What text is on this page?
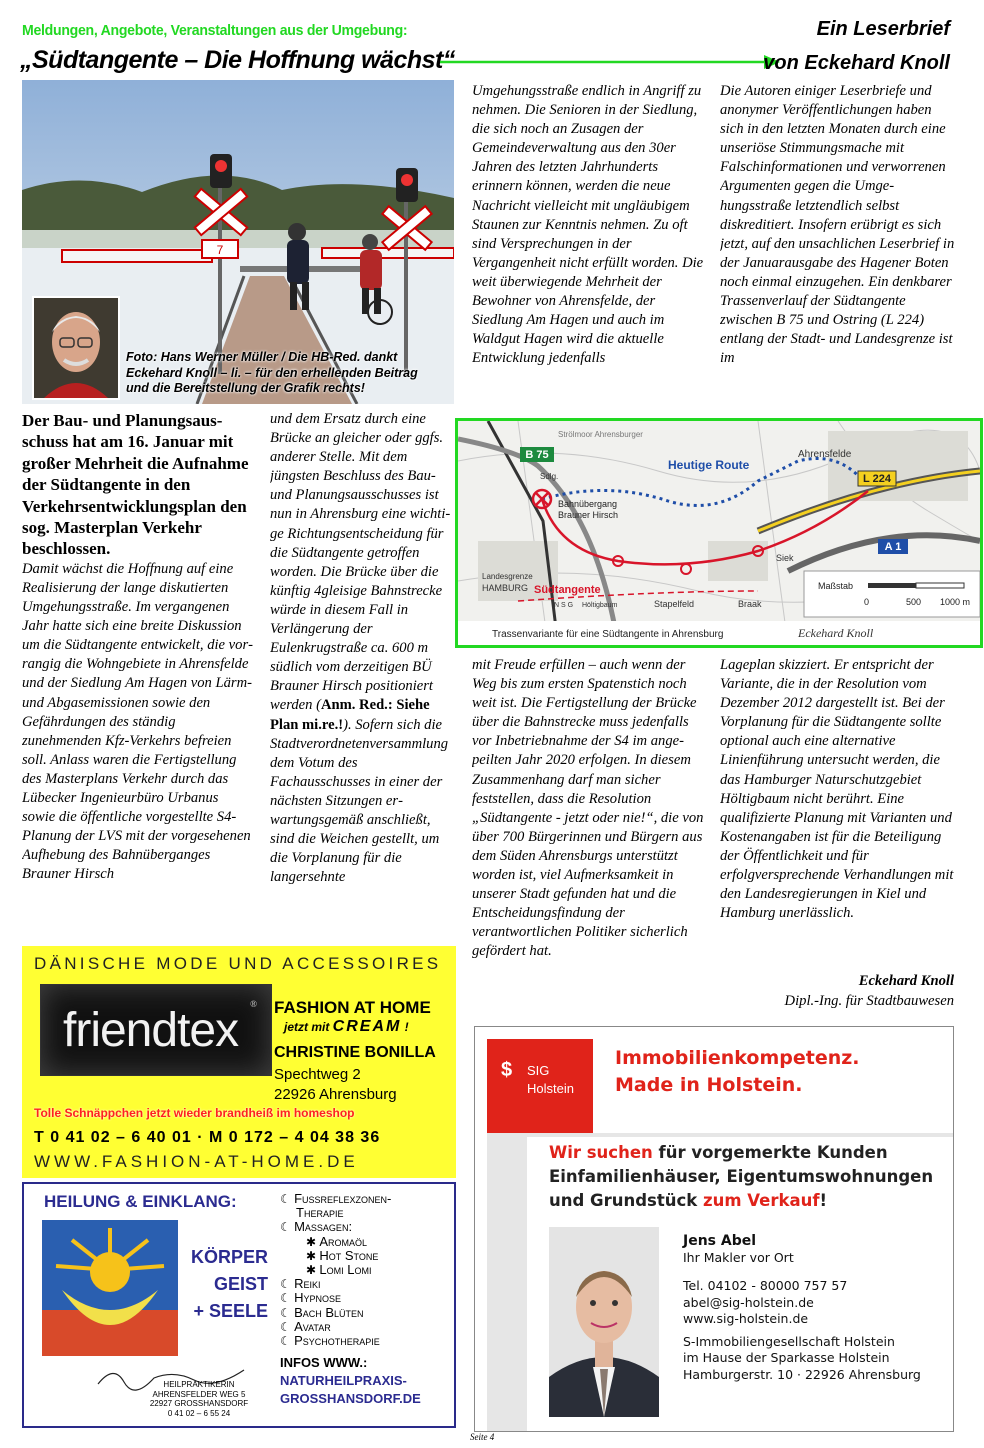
Meldungen, Angebote, Veranstaltungen aus der Umgebung:	Ein Leserbrief
„Südtangente – Die Hoffnung wächst“	von Eckehard Knoll
7
Foto: Hans Werner Müller / Die HB-Red. dankt
Eckehard Knoll – li. – für den erhellenden Beitrag
und die Bereitstellung der Grafik rechts!

Der Bau- und Planungsausschuss hat am 16. Januar mit großer Mehrheit die Aufnahme der Südtangente in den Verkehrsentwicklungsplan den sog. Masterplan Verkehr beschlossen.

Damit wächst die Hoffnung auf eine Realisierung der lange diskutierten Umgehungsstraße. Im vergangenen Jahr hatte sich eine breite Diskussion um die Südtangente entwickelt, die vorrangig die Wohngebiete in Ahrensfelde und der Siedlung Am Hagen von Lärm- und Abgasemissionen sowie den Gefährdungen des ständig zunehmenden Kfz-Verkehrs befreien soll. Anlass waren die Fertigstellung des Masterplans Verkehr durch das Lübecker Ingenieurbüro Urbanus sowie die öffentliche vorgestellte S4-Planung der LVS mit der vorgesehenen Aufhebung des Bahnüberganges Brauner Hirsch

und dem Ersatz durch eine Brücke an gleicher oder ggfs. anderer Stelle. Mit dem jüngsten Beschluss des Bau- und Planungsausschusses ist nun in Ahrensburg eine wichtige Richtungsentscheidung für die Südtangente getroffen worden. Die Brücke über die künftig 4gleisige Bahnstrecke würde in diesem Fall in Verlängerung der Eulenkrugstraße ca. 600 m südlich vom derzeitigen BÜ Brauner Hirsch positioniert werden (Anm. Red.: Siehe Plan mi.re.!). Sofern sich die Stadtverordnetenversammlung dem Votum des Fachausschusses in einer der nächsten Sitzungen erwartungsgemäß anschließt, sind die Weichen gestellt, um die Vorplanung für die langersehnte

Umgehungsstraße endlich in Angriff zu nehmen. Die Senioren in der Siedlung, die sich noch an Zusagen der Gemeindeverwaltung aus den 30er Jahren des letzten Jahrhunderts erinnern können, werden die neue Nachricht vielleicht mit ungläubigem Staunen zur Kenntnis nehmen. Zu oft sind Versprechungen in der Vergangenheit nicht erfüllt worden. Die weit überwiegende Mehrheit der Bewohner von Ahrensfelde, der Siedlung Am Hagen und auch im Waldgut Hagen wird die aktuelle Entwicklung jedenfalls

Die Autoren einiger Leserbriefe und anonymer Veröffentlichungen haben sich in den letzten Monaten durch eine unseriöse Stimmungsmache mit Falschinformationen und verworrenen Argumenten gegen die Umgehungsstraße letztendlich selbst diskreditiert. Insofern erübrigt es sich jetzt, auf den unsachlichen Leserbrief in der Januarausgabe des Hagener Boten noch einmal einzugehen. Ein denkbarer Trassenverlauf der Südtangente zwischen B 75 und Ostring (L 224) entlang der Stadt- und Landesgrenze ist im

B 75
L 224
A 1
Heutige Route
Ahrensfelde
Strölmoor Ahrensburger
Sdlg.
Bahnübergang
Brauner Hirsch
Landesgrenze
HAMBURG Südtangente
N S G Höltigbaum	Stapelfeld
Siek
Braak
Maßstab
0	500 1000 m
Trassenvariante für eine Südtangente in Ahrensburg	Eckehard Knoll

mit Freude erfüllen – auch wenn der Weg bis zum ersten Spatenstich noch weit ist. Die Fertigstellung der Brücke über die Bahnstrecke muss jedenfalls vor Inbetriebnahme der S4 im angepeilten Jahr 2020 erfolgen. In diesem Zusammenhang darf man sicher feststellen, dass die Resolution „Südtangente - jetzt oder nie!“, die von über 700 Bürgerinnen und Bürgern aus dem Süden Ahrensburgs unterstützt worden ist, viel Aufmerksamkeit in unserer Stadt gefunden hat und die Entscheidungsfindung der verantwortlichen Politiker sicherlich gefördert hat.

Lageplan skizziert. Er entspricht der Variante, die in der Resolution vom Dezember 2012 dargestellt ist. Bei der Vorplanung für die Südtangente sollte optional auch eine alternative Linienführung untersucht werden, die das Hamburger Naturschutzgebiet Höltigbaum nicht berührt. Eine qualifizierte Planung mit Varianten und Kostenangaben ist für die Beteiligung der Öffentlichkeit und für erfolgversprechende Verhandlungen mit den Landesregierungen in Kiel und Hamburg unerlässlich.

Eckehard Knoll
Dipl.-Ing. für Stadtbauwesen
DÄNISCHE MODE UND ACCESSOIRES
friendtex ® FASHION AT HOME
jetzt mit CREAM !
CHRISTINE BONILLA
Spechtweg 2
22926 Ahrensburg
Tolle Schnäppchen jetzt wieder brandheiß im homeshop
T 0 41 02 – 6 40 01 · M 0 172 – 4 04 38 36
WWW.FASHION-AT-HOME.DE
HEILUNG & EINKLANG:
KÖRPER
GEIST
+ SEELE
☾ Fußreflexzonen-
Therapie
☾ Massagen:
✱ Aromaöl
✱ Hot Stone
✱ Lomi Lomi
☾ Reiki
☾ Hypnose
☾ Bach Blüten
☾ Avatar
☾ Psychotherapie
HEILPRAKTIKERIN
AHRENSFELDER WEG 5
22927 GROSSHANSDORF
0 41 02 – 6 55 24
INFOS WWW.:
NATURHEILPRAXIS-
GROSSHANSDORF.DE
$ SIG
Holstein
Immobilienkompetenz.
Made in Holstein.
Wir suchen für vorgemerkte Kunden
Einfamilienhäuser, Eigentumswohnungen
und Grundstück zum Verkauf!
Jens Abel
Ihr Makler vor Ort
Tel. 04102 - 80000 757 57
abel@sig-holstein.de
www.sig-holstein.de
S-Immobiliengesellschaft Holstein
im Hause der Sparkasse Holstein
Hamburgerstr. 10 · 22926 Ahrensburg
Seite 4
